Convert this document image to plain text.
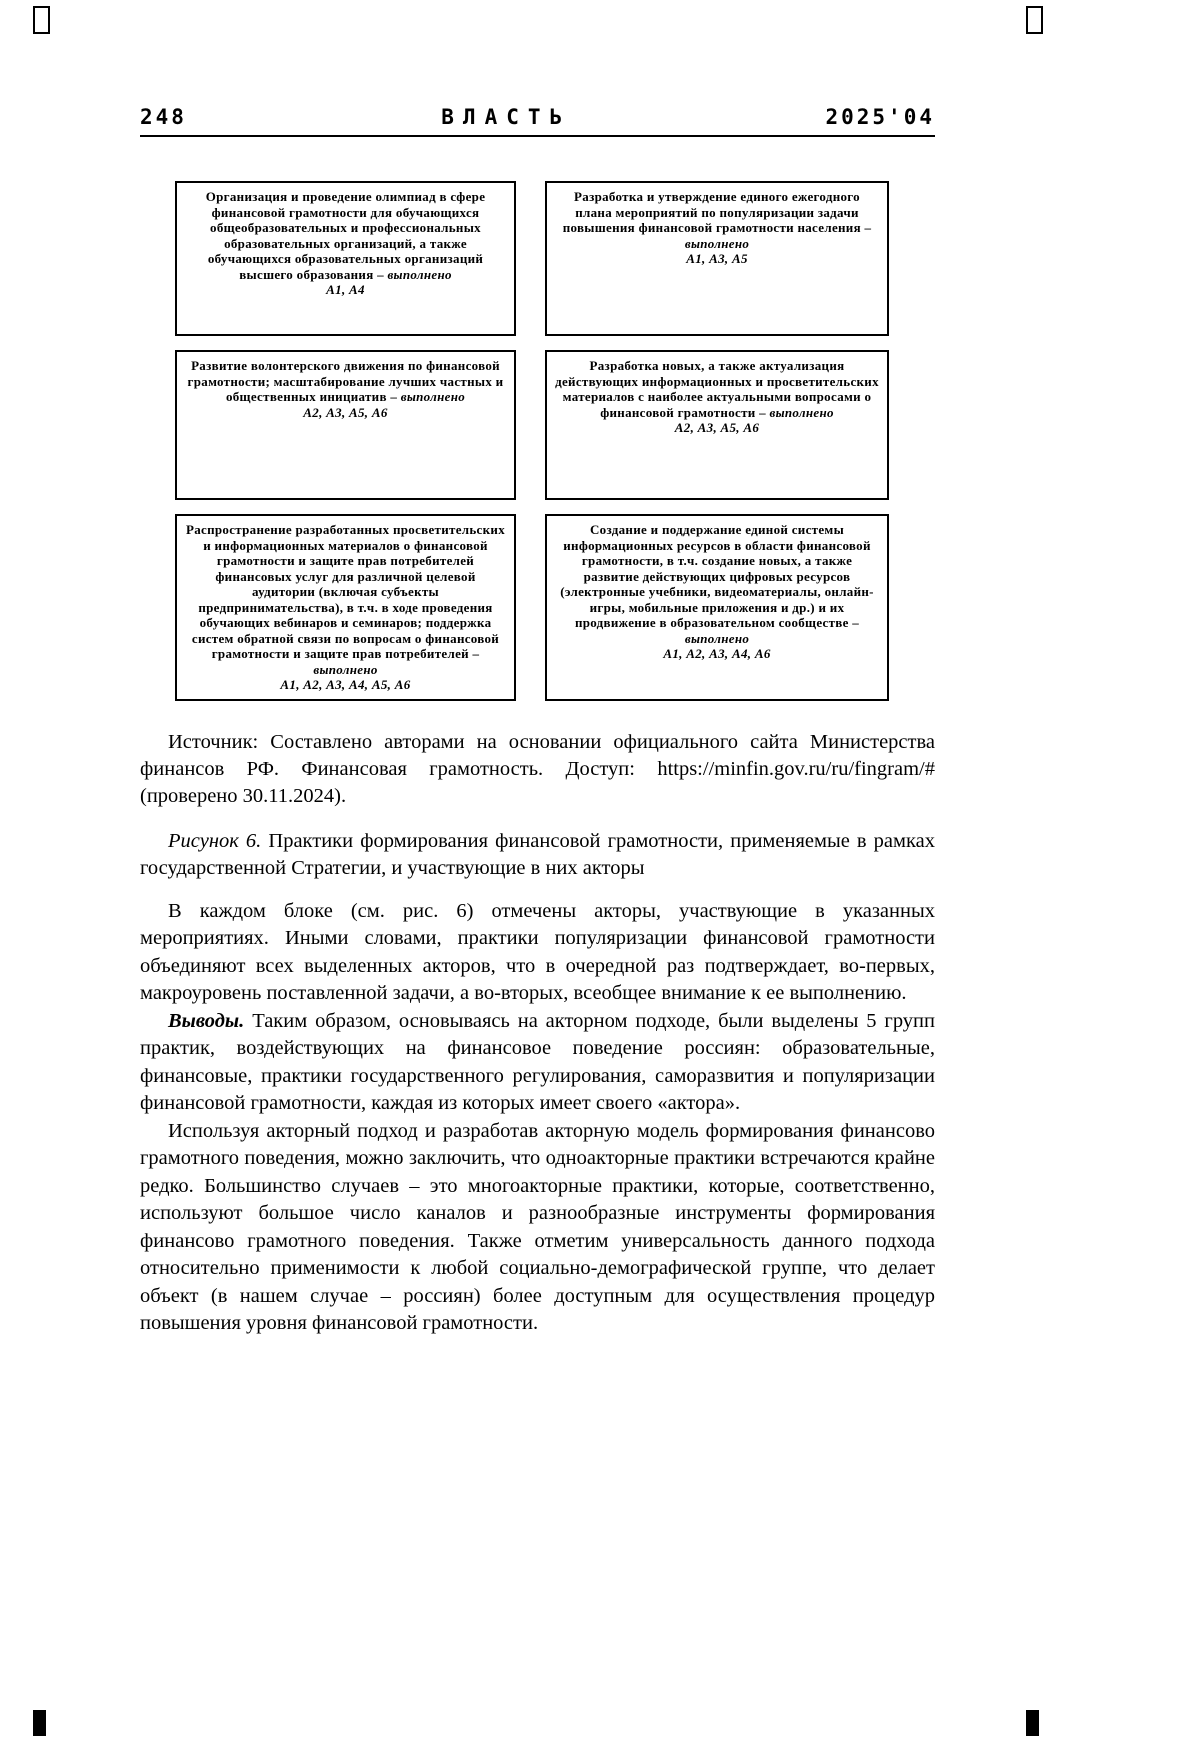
248	ВЛАСТЬ	2025'04
Организация и проведение олимпиад в сфере финансовой грамотности для обучающихся общеобразовательных и профессиональных образовательных организаций, а также обучающихся образовательных организаций высшего образования – выполнено
А1, А4
Разработка и утверждение единого ежегодного плана мероприятий по популяризации задачи повышения финансовой грамотности населения – выполнено
А1, А3, А5
Развитие волонтерского движения по финансовой грамотности; масштабирование лучших частных и общественных инициатив – выполнено
А2, А3, А5, А6
Разработка новых, а также актуализация действующих информационных и просветительских материалов с наиболее актуальными вопросами о финансовой грамотности – выполнено
А2, А3, А5, А6
Распространение разработанных просветительских и информационных материалов о финансовой грамотности и защите прав потребителей финансовых услуг для различной целевой аудитории (включая субъекты предпринимательства), в т.ч. в ходе проведения обучающих вебинаров и семинаров; поддержка систем обратной связи по вопросам о финансовой грамотности и защите прав потребителей – выполнено
А1, А2, А3, А4, А5, А6
Создание и поддержание единой системы информационных ресурсов в области финансовой грамотности, в т.ч. создание новых, а также развитие действующих цифровых ресурсов (электронные учебники, видеоматериалы, онлайн-игры, мобильные приложения и др.) и их продвижение в образовательном сообществе – выполнено
А1, А2, А3, А4, А6

Источник: Составлено авторами на основании официального сайта Министерства финансов РФ. Финансовая грамотность. Доступ: https://minfin.gov.ru/ru/fingram/# (проверено 30.11.2024).

Рисунок 6. Практики формирования финансовой грамотности, применяемые в рамках государственной Стратегии, и участвующие в них акторы

В каждом блоке (см. рис. 6) отмечены акторы, участвующие в указанных мероприятиях. Иными словами, практики популяризации финансовой грамотности объединяют всех выделенных акторов, что в очередной раз подтверждает, во-первых, макроуровень поставленной задачи, а во-вторых, всеобщее внимание к ее выполнению.

Выводы. Таким образом, основываясь на акторном подходе, были выделены 5 групп практик, воздействующих на финансовое поведение россиян: образовательные, финансовые, практики государственного регулирования, саморазвития и популяризации финансовой грамотности, каждая из которых имеет своего «актора».

Используя акторный подход и разработав акторную модель формирования финансово грамотного поведения, можно заключить, что одноакторные практики встречаются крайне редко. Большинство случаев – это многоакторные практики, которые, соответственно, используют большое число каналов и разнообразные инструменты формирования финансово грамотного поведения. Также отметим универсальность данного подхода относительно применимости к любой социально-демографической группе, что делает объект (в нашем случае – россиян) более доступным для осуществления процедур повышения уровня финансовой грамотности.
